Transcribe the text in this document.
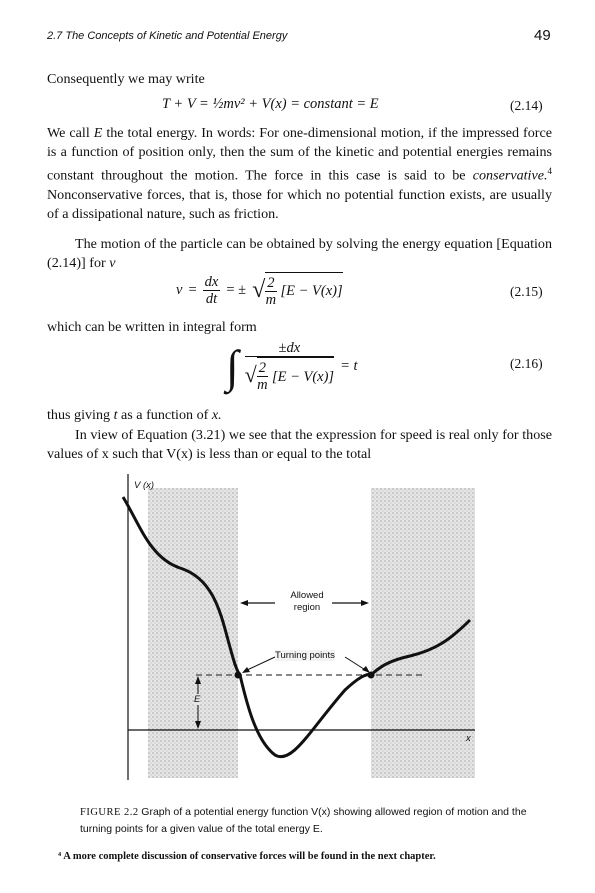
2.7 The Concepts of Kinetic and Potential Energy	49
Consequently we may write
T + V = ½mv² + V(x) = constant = E	(2.14)
We call E the total energy. In words: For one-dimensional motion, if the impressed force is a function of position only, then the sum of the kinetic and potential energies remains constant throughout the motion. The force in this case is said to be conservative.$^4$ Nonconservative forces, that is, those for which no potential function exists, are usually of a dissipational nature, such as friction.
The motion of the particle can be obtained by solving the energy equation [Equation (2.14)] for v
$v = \frac{dx}{dt}$ = ± √ $\frac{2}{m} [E - V(x)]$	(2.15)
which can be written in integral form
∫	±dx
√ $\frac{2}{m} [E - V(x)]$
= t	(2.16)
thus giving t as a function of x.
In view of Equation (3.21) we see that the expression for speed is real only for those values of x such that V(x) is less than or equal to the total
V (x)
x
Allowed
region
Turning points
E
FIGURE 2.2 Graph of a potential energy function V(x) showing allowed region of motion and the turning points for a given value of the total energy E.
⁴ A more complete discussion of conservative forces will be found in the next chapter.
